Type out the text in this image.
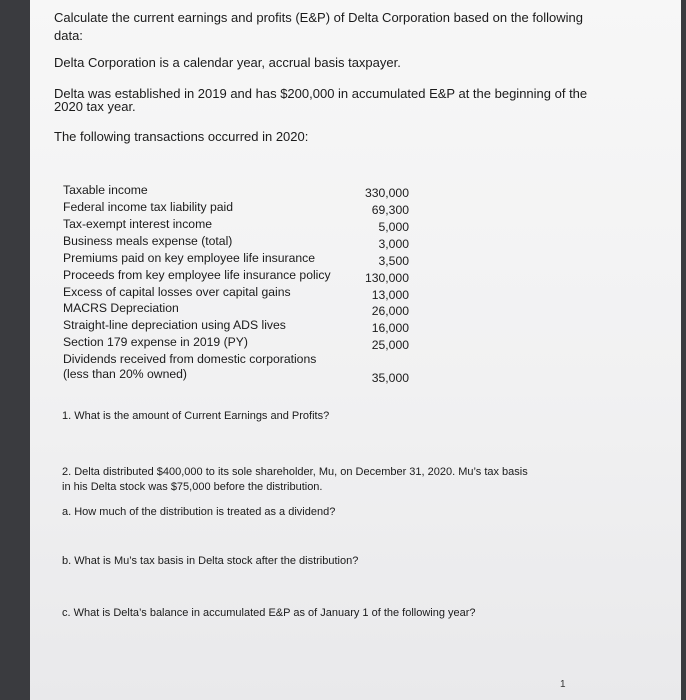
Calculate the current earnings and profits (E&P) of Delta Corporation based on the following

data:

Delta Corporation is a calendar year, accrual basis taxpayer.

Delta was established in 2019 and has $200,000 in accumulated E&P at the beginning of the

2020 tax year.

The following transactions occurred in 2020:

Taxable income	330,000
Federal income tax liability paid	69,300
Tax-exempt interest income	5,000
Business meals expense (total)	3,000
Premiums paid on key employee life insurance	3,500
Proceeds from key employee life insurance policy	130,000
Excess of capital losses over capital gains	13,000
MACRS Depreciation	26,000
Straight-line depreciation using ADS lives	16,000
Section 179 expense in 2019 (PY)	25,000
Dividends received from domestic corporations
(less than 20% owned)	35,000

1. What is the amount of Current Earnings and Profits?

2. Delta distributed $400,000 to its sole shareholder, Mu, on December 31, 2020. Mu’s tax basis

in his Delta stock was $75,000 before the distribution.

a. How much of the distribution is treated as a dividend?

b. What is Mu’s tax basis in Delta stock after the distribution?

c. What is Delta’s balance in accumulated E&P as of January 1 of the following year?

1
